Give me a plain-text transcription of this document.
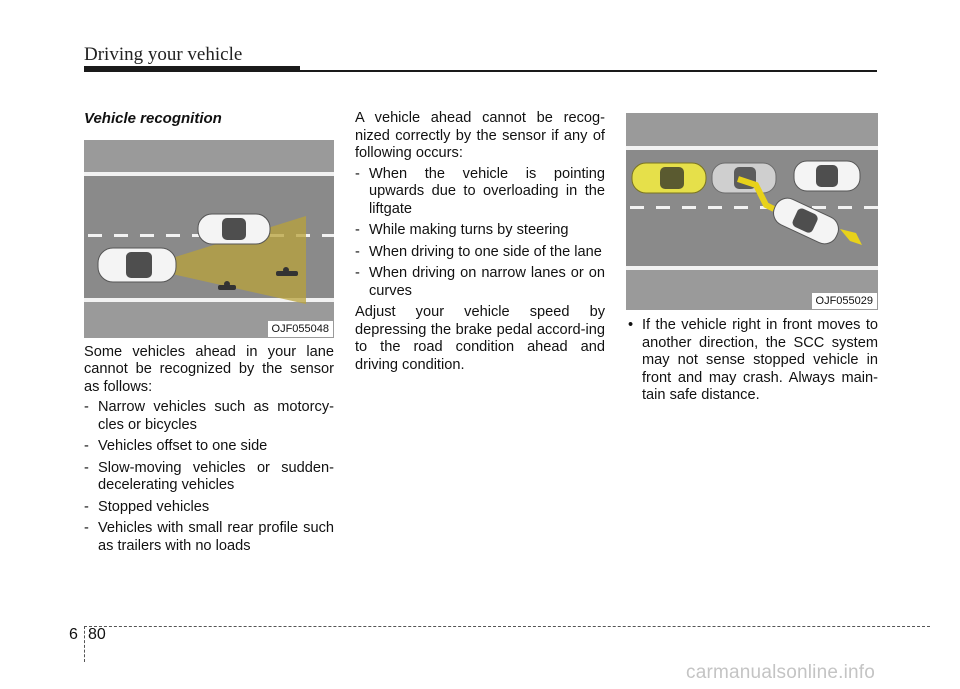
Driving your vehicle
Vehicle recognition
OJF055048

Some vehicles ahead in your lane cannot be recognized by the sensor as follows:

- Narrow vehicles such as motorcy-cles or bicycles
- Vehicles offset to one side
- Slow-moving vehicles or sudden-decelerating vehicles
- Stopped vehicles
- Vehicles with small rear profile such as trailers with no loads

A vehicle ahead cannot be recog-nized correctly by the sensor if any of following occurs:

- When the vehicle is pointing upwards due to overloading in the liftgate
- While making turns by steering
- When driving to one side of the lane
- When driving on narrow lanes or on curves

Adjust your vehicle speed by depressing the brake pedal accord-ing to the road condition ahead and driving condition.

OJF055029
• If the vehicle right in front moves to another direction, the SCC system may not sense stopped vehicle in front and may crash. Always main-tain safe distance.
6 80
carmanualsonline.info
